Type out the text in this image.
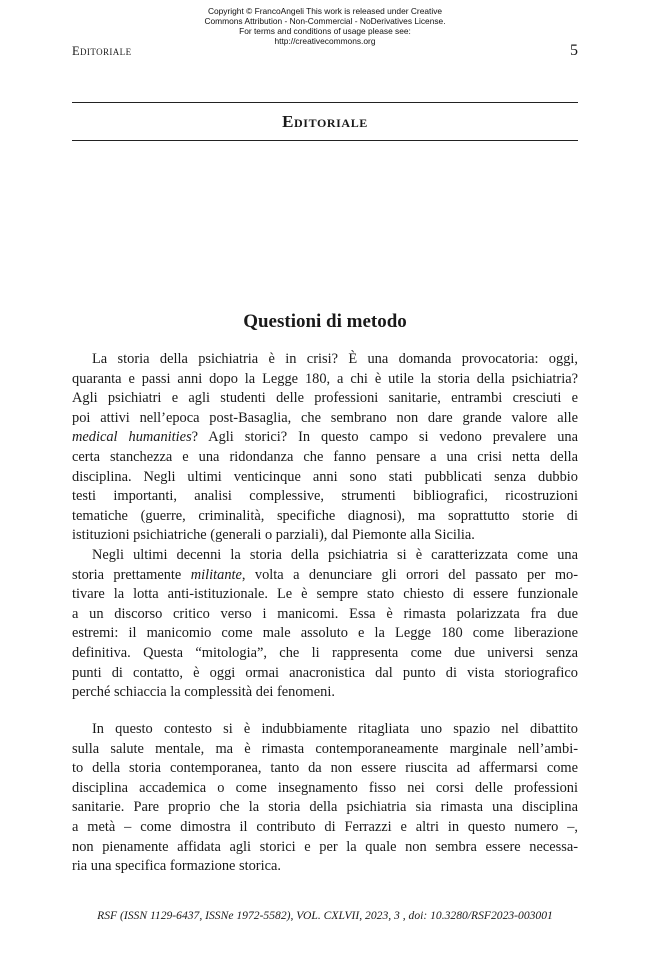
Copyright © FrancoAngeli This work is released under Creative
Commons Attribution - Non-Commercial - NoDerivatives License.
For terms and conditions of usage please see:
http://creativecommons.org
Editoriale	5
Editoriale
Questioni di metodo
La storia della psichiatria è in crisi? È una domanda provocatoria: oggi,
quaranta e passi anni dopo la Legge 180, a chi è utile la storia della psichiatria?
Agli psichiatri e agli studenti delle professioni sanitarie, entrambi cresciuti e
poi attivi nell’epoca post-Basaglia, che sembrano non dare grande valore alle
medical humanities? Agli storici? In questo campo si vedono prevalere una
certa stanchezza e una ridondanza che fanno pensare a una crisi netta della
disciplina. Negli ultimi venticinque anni sono stati pubblicati senza dubbio
testi importanti, analisi complessive, strumenti bibliografici, ricostruzioni
tematiche (guerre, criminalità, specifiche diagnosi), ma soprattutto storie di
istituzioni psichiatriche (generali o parziali), dal Piemonte alla Sicilia.
Negli ultimi decenni la storia della psichiatria si è caratterizzata come una
storia prettamente militante, volta a denunciare gli orrori del passato per mo-
tivare la lotta anti-istituzionale. Le è sempre stato chiesto di essere funzionale
a un discorso critico verso i manicomi. Essa è rimasta polarizzata fra due
estremi: il manicomio come male assoluto e la Legge 180 come liberazione
definitiva. Questa “mitologia”, che li rappresenta come due universi senza
punti di contatto, è oggi ormai anacronistica dal punto di vista storiografico
perché schiaccia la complessità dei fenomeni.
In questo contesto si è indubbiamente ritagliata uno spazio nel dibattito
sulla salute mentale, ma è rimasta contemporaneamente marginale nell’ambi-
to della storia contemporanea, tanto da non essere riuscita ad affermarsi come
disciplina accademica o come insegnamento fisso nei corsi delle professioni
sanitarie. Pare proprio che la storia della psichiatria sia rimasta una disciplina
a metà – come dimostra il contributo di Ferrazzi e altri in questo numero –,
non pienamente affidata agli storici e per la quale non sembra essere necessa-
ria una specifica formazione storica.
RSF (ISSN 1129-6437, ISSNe 1972-5582), VOL. CXLVII, 2023, 3 , doi: 10.3280/RSF2023-003001
